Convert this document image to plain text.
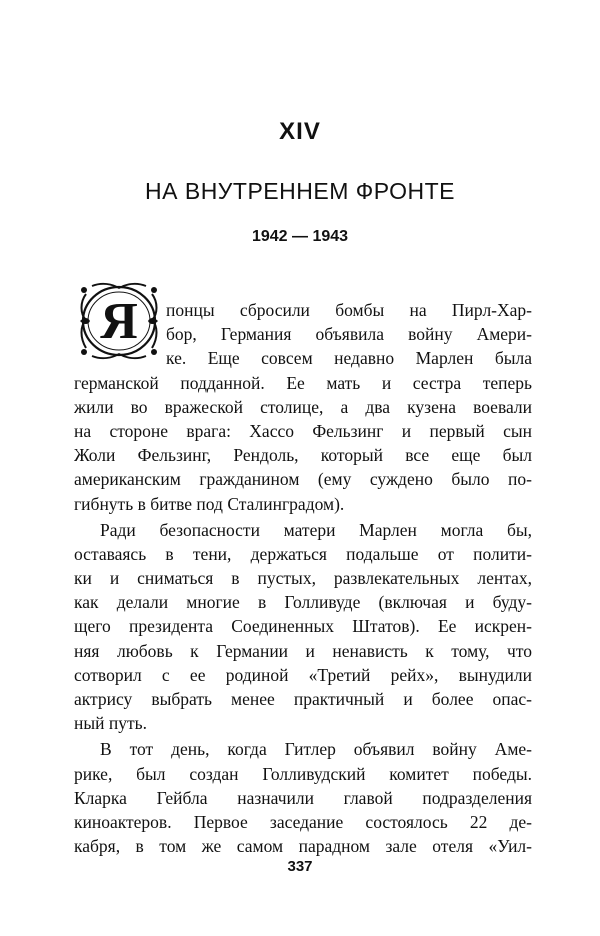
XIV
НА ВНУТРЕННЕМ ФРОНТЕ
1942 — 1943
Я	понцы сбросили бомбы на Пирл-Хар-
бор, Германия объявила войну Амери-
ке. Еще совсем недавно Марлен была
германской подданной. Ее мать и сестра теперь
жили во вражеской столице, а два кузена воевали
на стороне врага: Хассо Фельзинг и первый сын
Жоли Фельзинг, Рендоль, который все еще был
американским гражданином (ему суждено было по-
гибнуть в битве под Сталинградом).
Ради безопасности матери Марлен могла бы,
оставаясь в тени, держаться подальше от полити-
ки и сниматься в пустых, развлекательных лентах,
как делали многие в Голливуде (включая и буду-
щего президента Соединенных Штатов). Ее искрен-
няя любовь к Германии и ненависть к тому, что
сотворил с ее родиной «Третий рейх», вынудили
актрису выбрать менее практичный и более опас-
ный путь.
В тот день, когда Гитлер объявил войну Аме-
рике, был создан Голливудский комитет победы.
Кларка Гейбла назначили главой подразделения
киноактеров. Первое заседание состоялось 22 де-
кабря, в том же самом парадном зале отеля «Уил-
337
